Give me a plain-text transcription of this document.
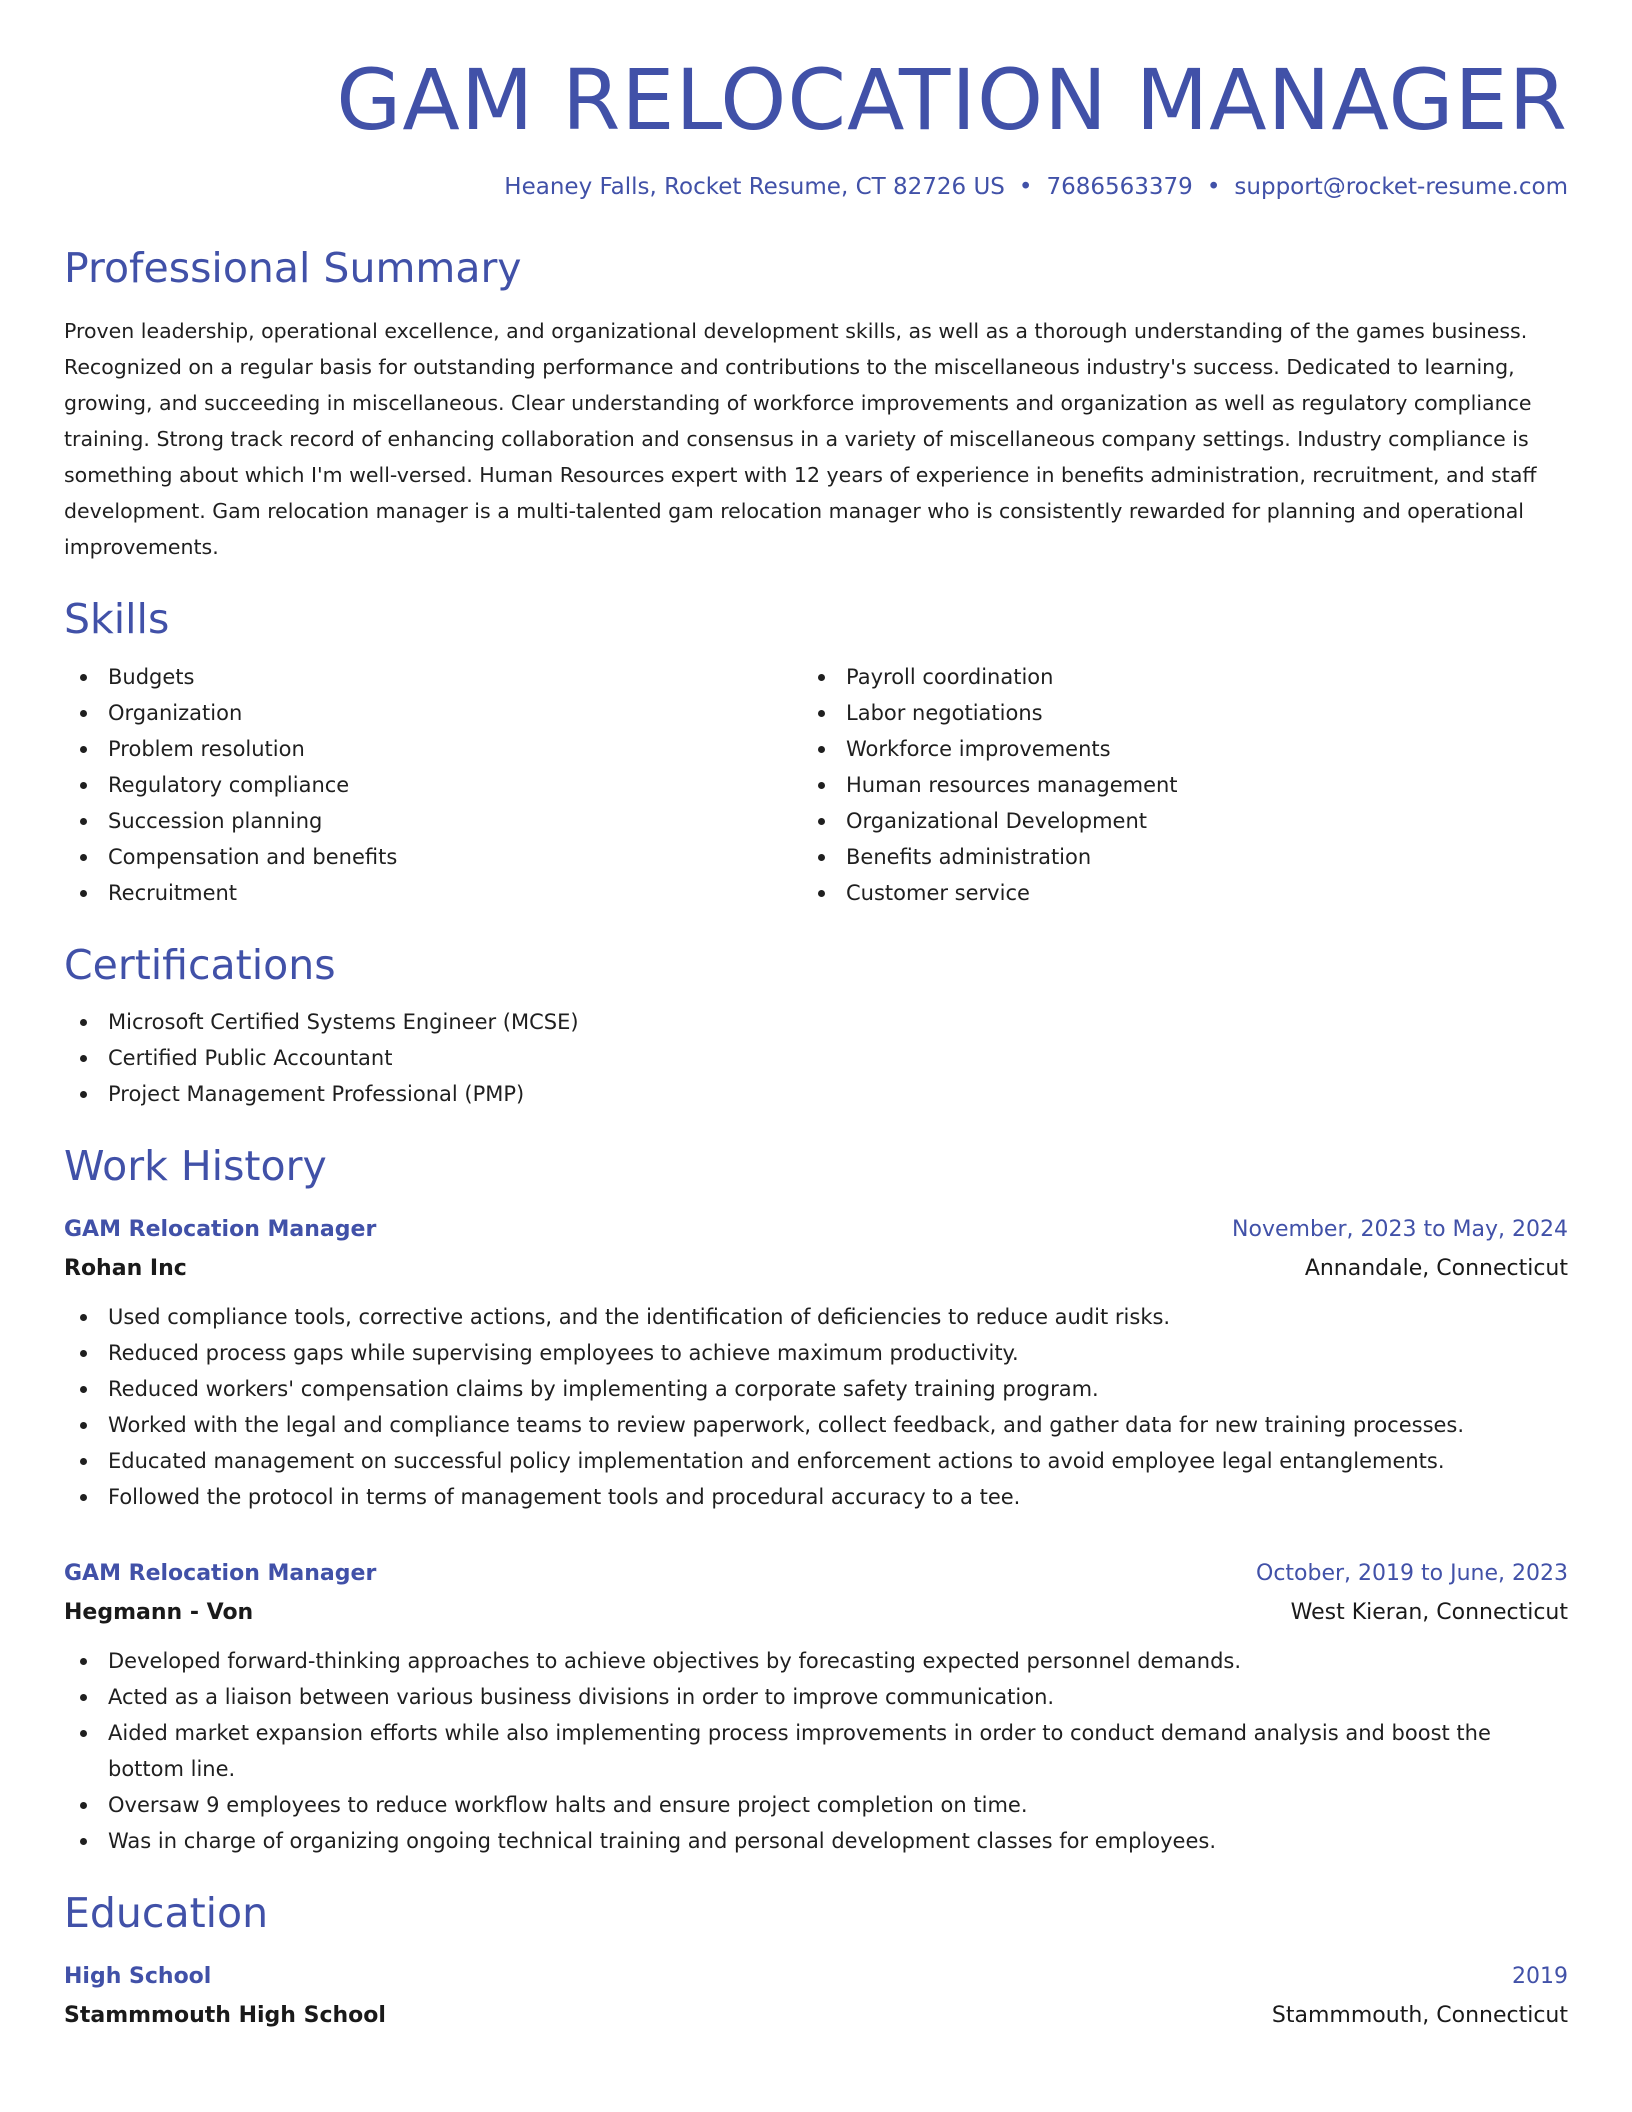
GAM RELOCATION MANAGER
Heaney Falls, Rocket Resume, CT 82726 US • 7686563379 • support@rocket-resume.com
Professional Summary

Proven leadership, operational excellence, and organizational development skills, as well as a thorough understanding of the games business. Recognized on a regular basis for outstanding performance and contributions to the miscellaneous industry's success. Dedicated to learning, growing, and succeeding in miscellaneous. Clear understanding of workforce improvements and organization as well as regulatory compliance training. Strong track record of enhancing collaboration and consensus in a variety of miscellaneous company settings. Industry compliance is something about which I'm well-versed. Human Resources expert with 12 years of experience in benefits administration, recruitment, and staff development. Gam relocation manager is a multi-talented gam relocation manager who is consistently rewarded for planning and operational improvements.

Skills
Budgets
Organization
Problem resolution
Regulatory compliance
Succession planning
Compensation and benefits
Recruitment
Payroll coordination
Labor negotiations
Workforce improvements
Human resources management
Organizational Development
Benefits administration
Customer service
Certifications
Microsoft Certified Systems Engineer (MCSE)
Certified Public Accountant
Project Management Professional (PMP)
Work History
GAM Relocation Manager	November, 2023 to May, 2024
Rohan Inc	Annandale, Connecticut
Used compliance tools, corrective actions, and the identification of deficiencies to reduce audit risks.
Reduced process gaps while supervising employees to achieve maximum productivity.
Reduced workers' compensation claims by implementing a corporate safety training program.
Worked with the legal and compliance teams to review paperwork, collect feedback, and gather data for new training processes.
Educated management on successful policy implementation and enforcement actions to avoid employee legal entanglements.
Followed the protocol in terms of management tools and procedural accuracy to a tee.
GAM Relocation Manager	October, 2019 to June, 2023
Hegmann - Von	West Kieran, Connecticut
Developed forward-thinking approaches to achieve objectives by forecasting expected personnel demands.
Acted as a liaison between various business divisions in order to improve communication.
Aided market expansion efforts while also implementing process improvements in order to conduct demand analysis and boost the bottom line.
Oversaw 9 employees to reduce workflow halts and ensure project completion on time.
Was in charge of organizing ongoing technical training and personal development classes for employees.
Education
High School	2019
Stammmouth High School	Stammmouth, Connecticut
